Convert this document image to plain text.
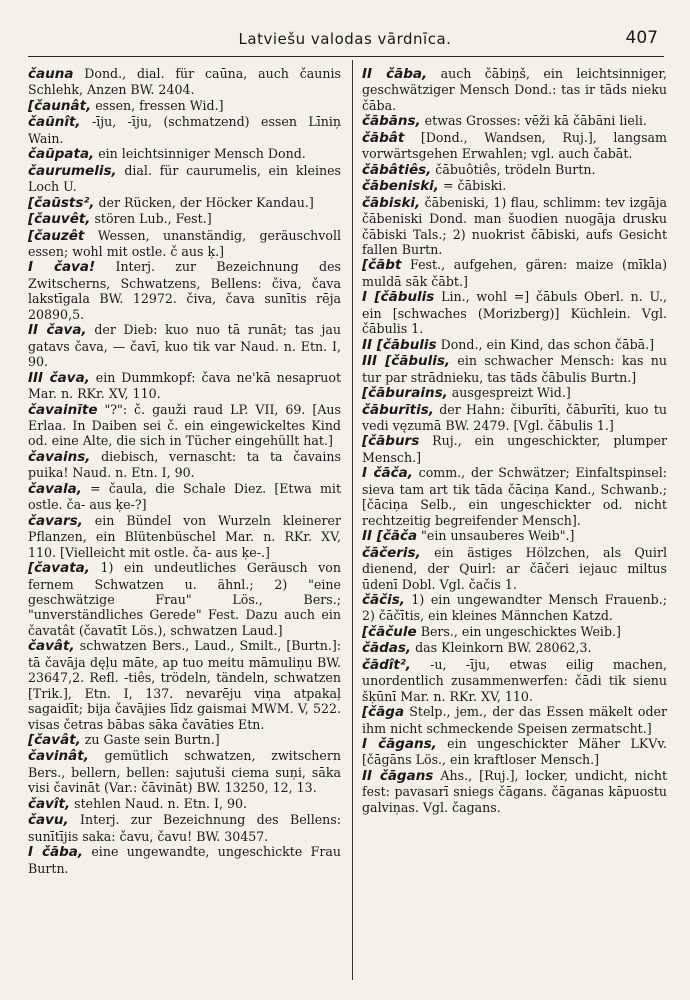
Latviešu valodas vārdnīca.	407

čauna Dond., dial. für caūna, auch čaunis Schlehk, Anzen BW. 2404.

[čaunât, essen, fressen Wid.]

čaūnît, -īju, -īju, (schmatzend) essen Līniņ Wain.

čaūpata, ein leichtsinniger Mensch Dond.

čaurumelis, dial. für caurumelis, ein kleines Loch U.

[čaūsts², der Rücken, der Höcker Kandau.]

[čauvêt, stören Lub., Fest.]

[čauzêt Wessen, unanständig, geräuschvoll essen; wohl mit ostle. č aus ķ.]

I čava! Interj. zur Bezeichnung des Zwitscherns, Schwatzens, Bellens: čiva, čava lakstīgala BW. 12972. čiva, čava sunītis rēja 20890,5.

II čava, der Dieb: kuo nuo tā runāt; tas jau gatavs čava, — čavī, kuo tik var Naud. n. Etn. I, 90.

III čava, ein Dummkopf: čava ne'kā nesapruot Mar. n. RKr. XV, 110.

čavainīte "?": č. gauži raud LP. VII, 69. [Aus Erlaa. In Daiben sei č. ein eingewickeltes Kind od. eine Alte, die sich in Tücher eingehüllt hat.]

čavains, diebisch, vernascht: ta ta čavains puika! Naud. n. Etn. I, 90.

čavala, = čaula, die Schale Diez. [Etwa mit ostle. ča- aus ķe-?]

čavars, ein Bündel von Wurzeln kleinerer Pflanzen, ein Blütenbüschel Mar. n. RKr. XV, 110. [Vielleicht mit ostle. ča- aus ķe-.]

[čavata, 1) ein undeutliches Geräusch von fernem Schwatzen u. ähnl.; 2) "eine geschwätzige Frau" Lös., Bers.; "unverständliches Gerede" Fest. Dazu auch ein čavatât (čavatīt Lös.), schwatzen Laud.]

čavât, schwatzen Bers., Laud., Smilt., [Burtn.]: tā čavāja dęļu māte, ap tuo meitu māmuliņu BW. 23647,2. Refl. -tiês, trödeln, tändeln, schwatzen [Trik.], Etn. I, 137. nevarēju viņa atpakaļ sagaidīt; bija čavājies līdz gaismai MWM. V, 522. visas četras bābas sāka čavāties Etn.

[čavât, zu Gaste sein Burtn.]

čavinât, gemütlich schwatzen, zwitschern Bers., bellern, bellen: sajutuši ciema suņi, sāka visi čavināt (Var.: čāvināt) BW. 13250, 12, 13.

čavît, stehlen Naud. n. Etn. I, 90.

čavu, Interj. zur Bezeichnung des Bellens: sunītījis saka: čavu, čavu! BW. 30457.

I čāba, eine ungewandte, ungeschickte Frau Burtn.

II čāba, auch čābiņš, ein leichtsinniger, geschwätziger Mensch Dond.: tas ir tāds nieku čāba.

čābāns, etwas Grosses: vēži kā čābāni lieli.

čābât [Dond., Wandsen, Ruj.], langsam vorwärtsgehen Erwahlen; vgl. auch čabāt.

čābâtiês, čābuôtiês, trödeln Burtn.

čābeniski, = čābiski.

čābiski, čābeniski, 1) flau, schlimm: tev izgāja čābeniski Dond. man šuodien nuogāja drusku čābiski Tals.; 2) nuokrist čābiski, aufs Gesicht fallen Burtn.

[čābt Fest., aufgehen, gären: maize (mīkla) muldā sāk čābt.]

I [čābulis Lin., wohl =] čābuls Oberl. n. U., ein [schwaches (Morizberg)] Küchlein. Vgl. čābulis 1.

II [čābulis Dond., ein Kind, das schon čābā.]

III [čābulis, ein schwacher Mensch: kas nu tur par strādnieku, tas tāds čābulis Burtn.]

[čāburains, ausgespreizt Wid.]

čāburītis, der Hahn: čiburīti, čāburīti, kuo tu vedi vęzumā BW. 2479. [Vgl. čābulis 1.]

[čāburs Ruj., ein ungeschickter, plumper Mensch.]

I čāča, comm., der Schwätzer; Einfaltspinsel: sieva tam art tik tāda čāciņa Kand., Schwanb.; [čāciņa Selb., ein ungeschickter od. nicht rechtzeitig begreifender Mensch].

II [čāča "ein unsauberes Weib".]

čāčeris, ein ästiges Hölzchen, als Quirl dienend, der Quirl: ar čāčeri iejauc miltus ūdenī Dobl. Vgl. čačis 1.

čāčis, 1) ein ungewandter Mensch Frauenb.; 2) čāčītis, ein kleines Männchen Katzd.

[čāčule Bers., ein ungeschicktes Weib.]

čādas, das Kleinkorn BW. 28062,3.

čādît², -u, -īju, etwas eilig machen, unordentlich zusammenwerfen: čādi tik sienu šķūnī Mar. n. RKr. XV, 110.

[čāga Stelp., jem., der das Essen mäkelt oder ihm nicht schmeckende Speisen zermatscht.]

I čāgans, ein ungeschickter Mäher LKVv. [čāgāns Lös., ein kraftloser Mensch.]

II čāgans Ahs., [Ruj.], locker, undicht, nicht fest: pavasarī sniegs čāgans. čāganas kāpuostu galviņas. Vgl. čagans.
